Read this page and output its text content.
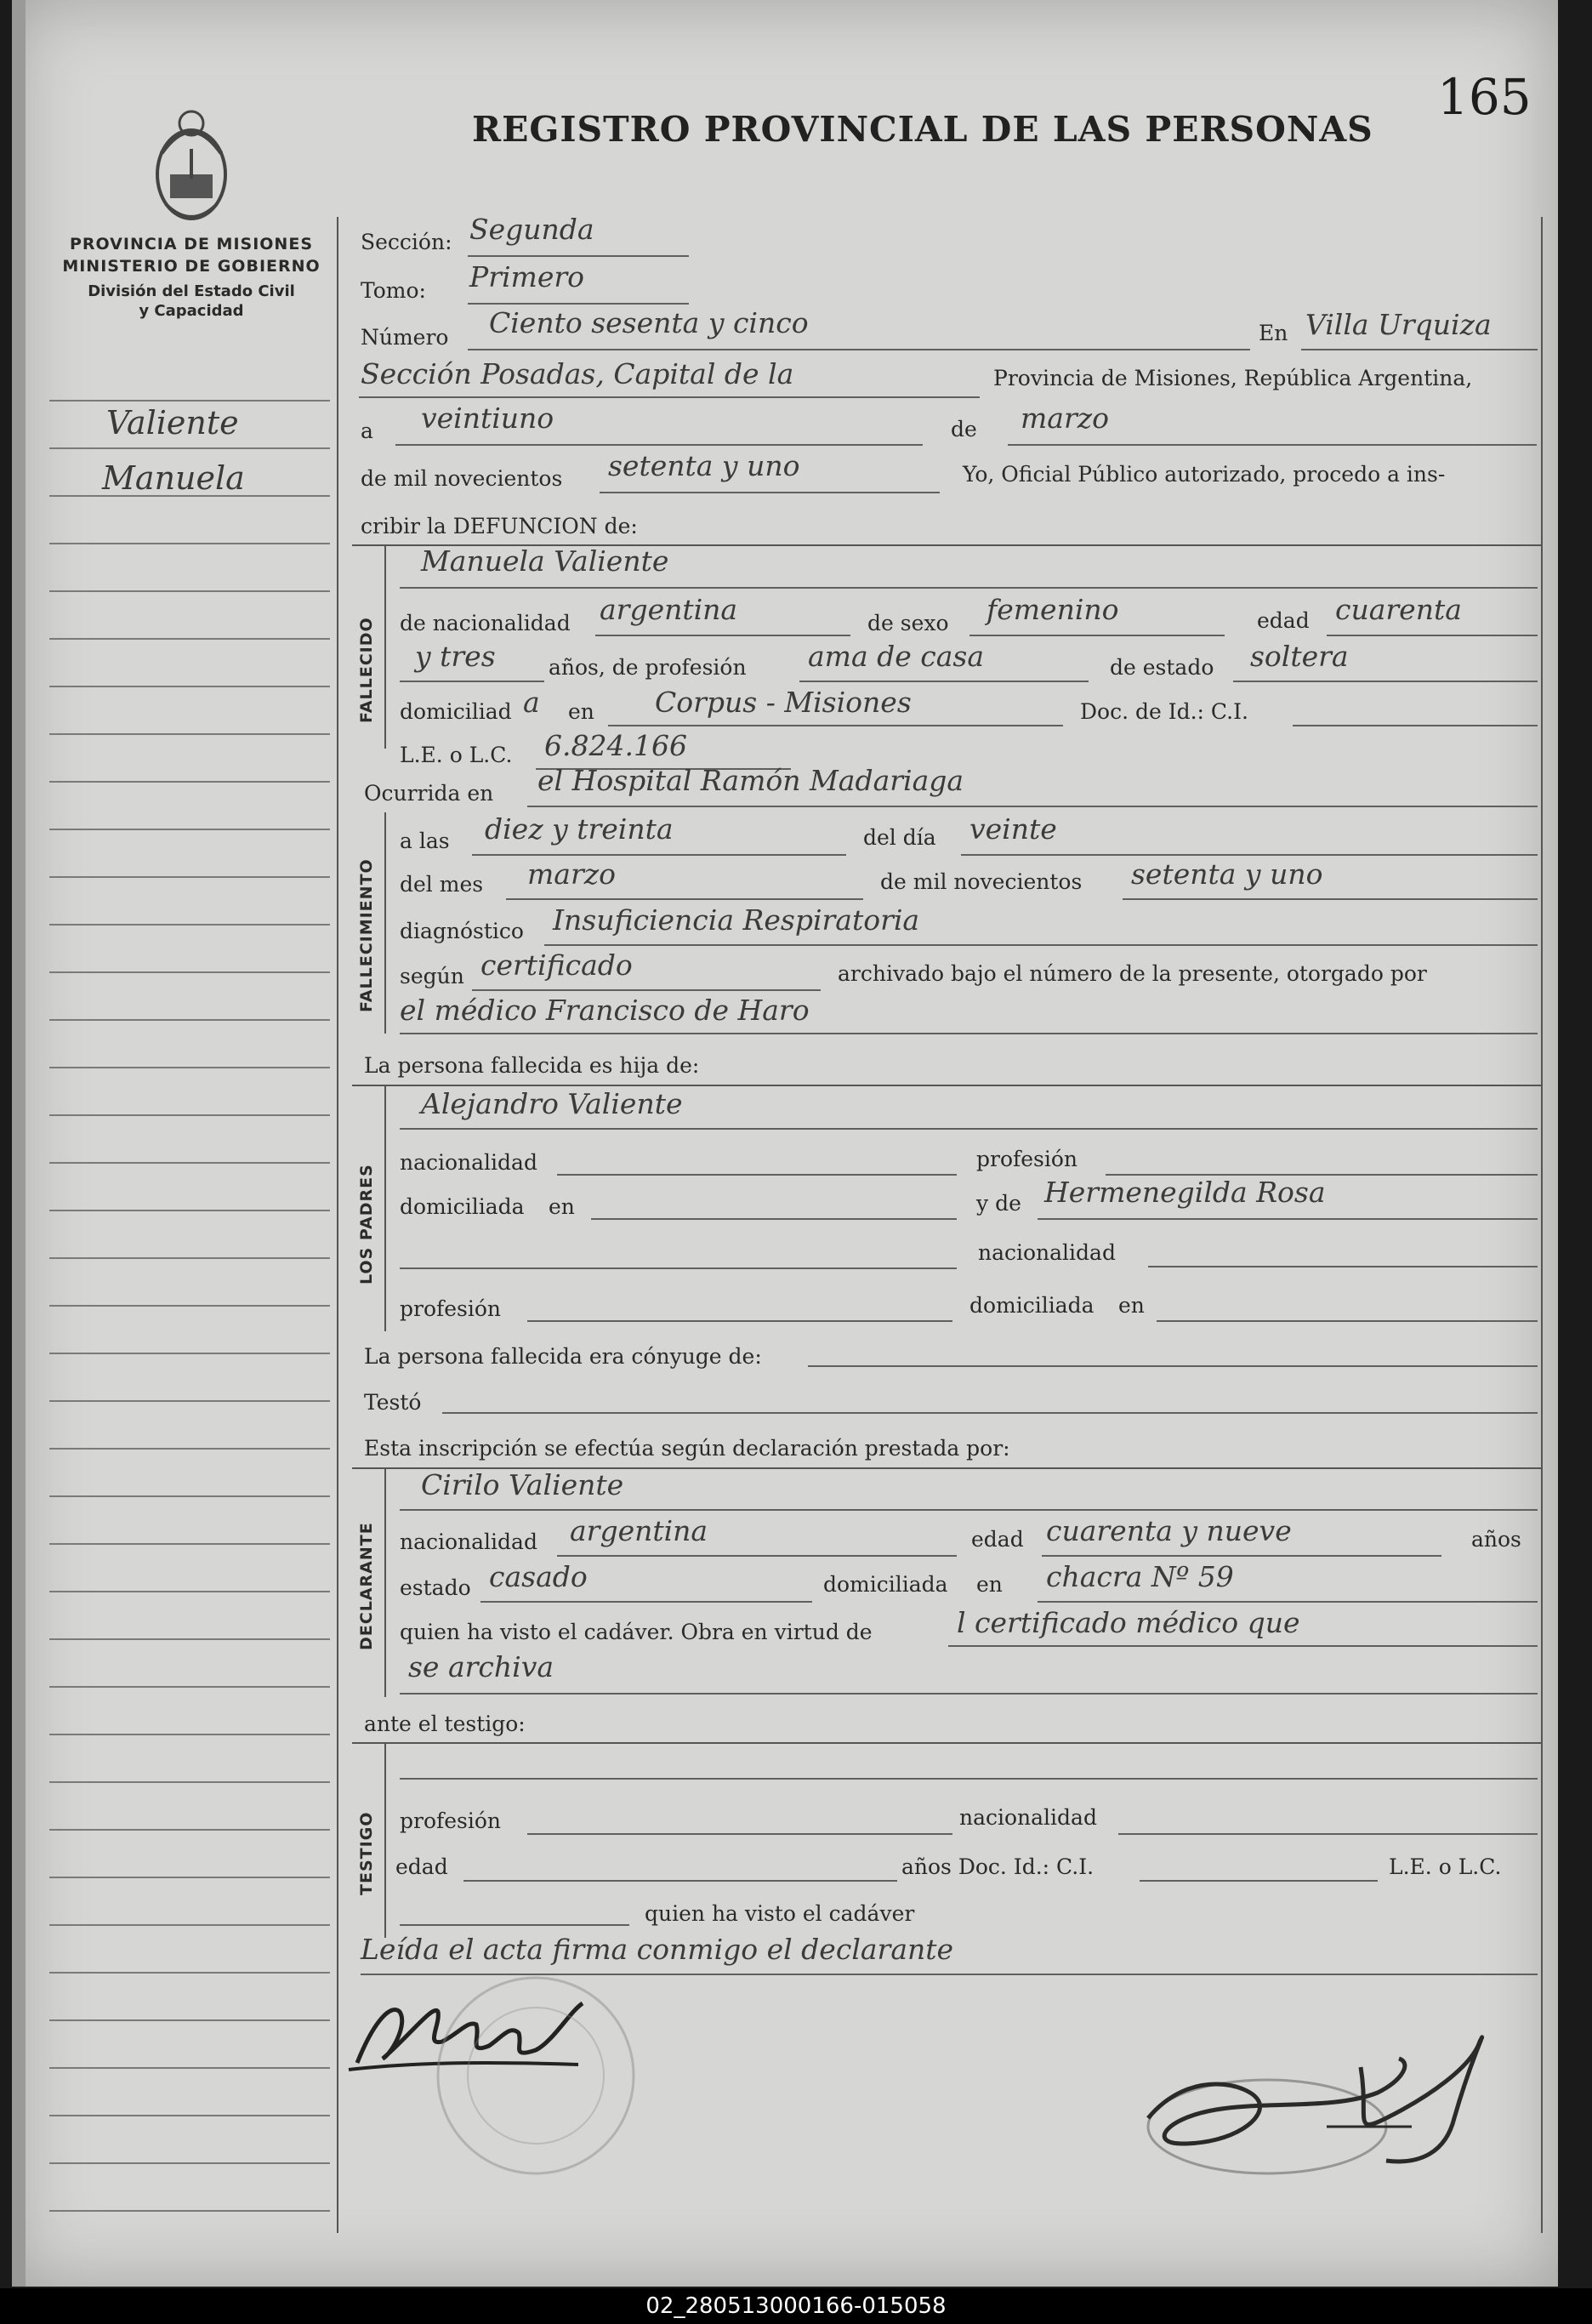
165
REGISTRO PROVINCIAL DE LAS PERSONAS
PROVINCIA DE MISIONES
MINISTERIO DE GOBIERNO
División del Estado Civil
y Capacidad
Valiente
Manuela
Sección: Segunda
Tomo: Primero
Número Ciento sesenta y cinco	En Villa Urquiza
Sección Posadas, Capital de la	Provincia de Misiones, República Argentina,
a veintiuno	de marzo
de mil novecientos setenta y uno	Yo, Oficial Público autorizado, procedo a ins-
cribir la DEFUNCION de:
FALLECIDO
Manuela Valiente
de nacionalidad argentina	de sexo femenino	edad cuarenta
y tres años, de profesión ama de casa	de estado soltera
domiciliad a en Corpus - Misiones	Doc. de Id.: C.I.
L.E. o L.C. 6.824.166
Ocurrida en el Hospital Ramón Madariaga
FALLECIMIENTO
a las diez y treinta	del día veinte
del mes marzo	de mil novecientos setenta y uno
diagnóstico Insuficiencia Respiratoria
según certificado	archivado bajo el número de la presente, otorgado por
el médico Francisco de Haro
La persona fallecida es hija de:
LOS PADRES
Alejandro Valiente
nacionalidad	profesión
domiciliada en	y de Hermenegilda Rosa
nacionalidad
profesión	domiciliada en
La persona fallecida era cónyuge de:
Testó
Esta inscripción se efectúa según declaración prestada por:
DECLARANTE
Cirilo Valiente
nacionalidad argentina	edad cuarenta y nueve	años
estado casado	domiciliada en chacra Nº 59
quien ha visto el cadáver. Obra en virtud de	l certificado médico que
se archiva
ante el testigo:
TESTIGO profesión	nacionalidad
edad	años Doc. Id.: C.I.	L.E. o L.C.
quien ha visto el cadáver
Leída el acta firma conmigo el declarante
02_280513000166-015058
